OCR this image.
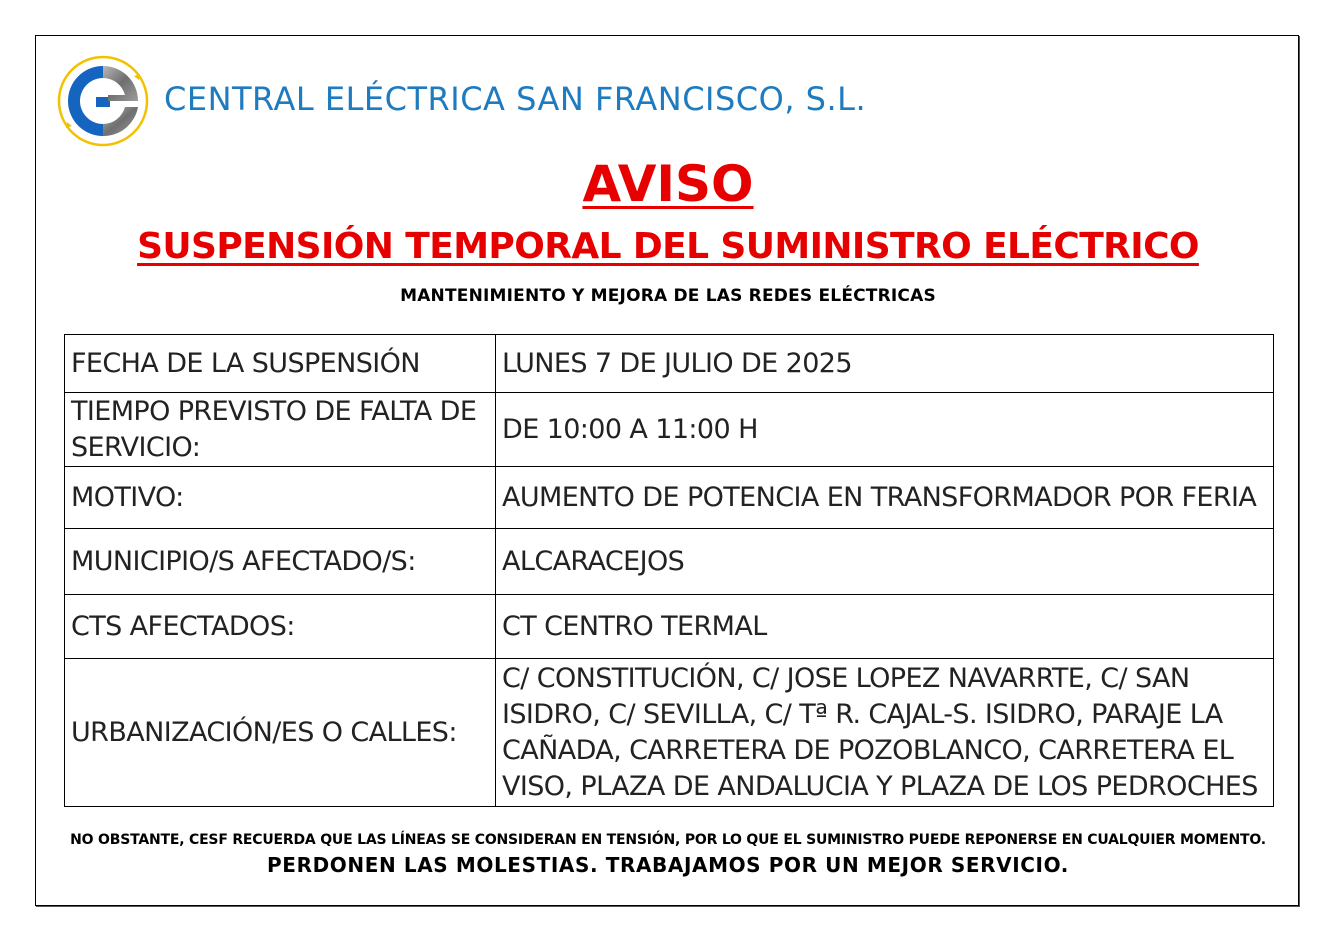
CENTRAL ELÉCTRICA SAN FRANCISCO, S.L.
AVISO
SUSPENSIÓN TEMPORAL DEL SUMINISTRO ELÉCTRICO
MANTENIMIENTO Y MEJORA DE LAS REDES ELÉCTRICAS
FECHA DE LA SUSPENSIÓN	LUNES 7 DE JULIO DE 2025
TIEMPO PREVISTO DE FALTA DE SERVICIO:	DE 10:00 A 11:00 H
MOTIVO:	AUMENTO DE POTENCIA EN TRANSFORMADOR POR FERIA
MUNICIPIO/S AFECTADO/S:	ALCARACEJOS
CTS AFECTADOS:	CT CENTRO TERMAL
URBANIZACIÓN/ES O CALLES:	C/ CONSTITUCIÓN, C/ JOSE LOPEZ NAVARRTE, C/ SAN ISIDRO, C/ SEVILLA, C/ Tª R. CAJAL-S. ISIDRO, PARAJE LA CAÑADA, CARRETERA DE POZOBLANCO, CARRETERA EL VISO, PLAZA DE ANDALUCIA Y PLAZA DE LOS PEDROCHES
NO OBSTANTE, CESF RECUERDA QUE LAS LÍNEAS SE CONSIDERAN EN TENSIÓN, POR LO QUE EL SUMINISTRO PUEDE REPONERSE EN CUALQUIER MOMENTO.
PERDONEN LAS MOLESTIAS. TRABAJAMOS POR UN MEJOR SERVICIO.
